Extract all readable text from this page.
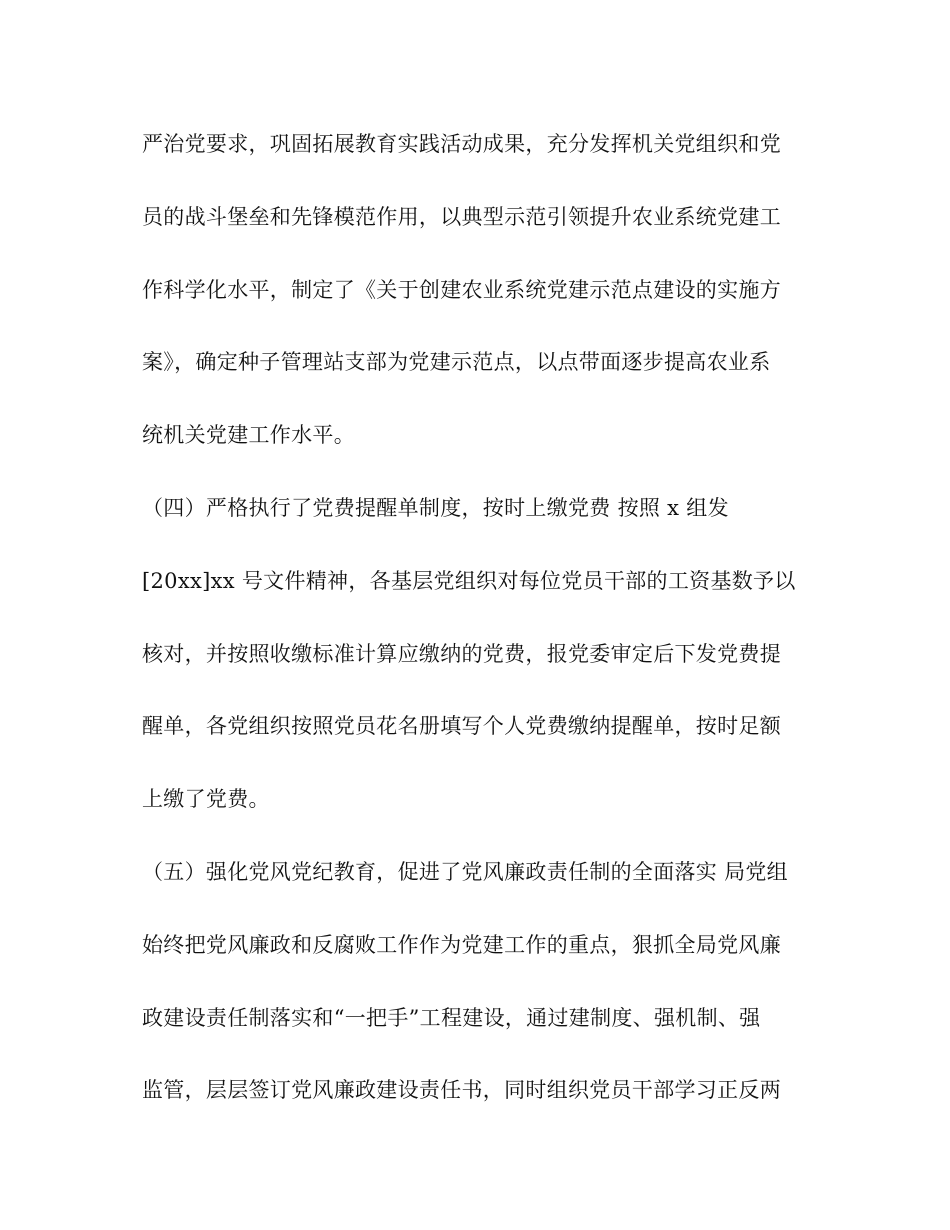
严治党要求，巩固拓展教育实践活动成果，充分发挥机关党组织和党
员的战斗堡垒和先锋模范作用，以典型示范引领提升农业系统党建工
作科学化水平，制定了《关于创建农业系统党建示范点建设的实施方
案》，确定种子管理站支部为党建示范点，以点带面逐步提高农业系
统机关党建工作水平。
（四）严格执行了党费提醒单制度，按时上缴党费 按照 x 组发
[20xx]xx 号文件精神，各基层党组织对每位党员干部的工资基数予以
核对，并按照收缴标准计算应缴纳的党费，报党委审定后下发党费提
醒单，各党组织按照党员花名册填写个人党费缴纳提醒单，按时足额
上缴了党费。
（五）强化党风党纪教育，促进了党风廉政责任制的全面落实 局党组
始终把党风廉政和反腐败工作作为党建工作的重点，狠抓全局党风廉
政建设责任制落实和“一把手”工程建设，通过建制度、强机制、强
监管，层层签订党风廉政建设责任书，同时组织党员干部学习正反两
